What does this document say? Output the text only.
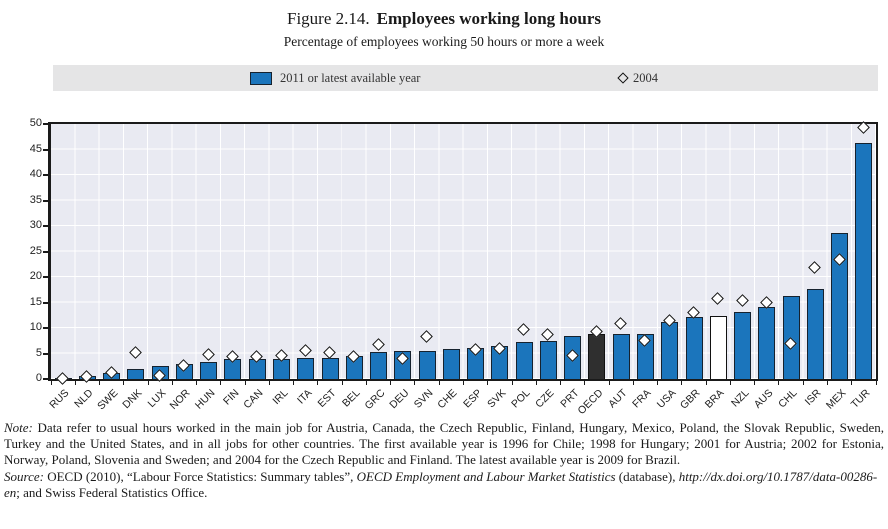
Figure 2.14. Employees working long hours
Percentage of employees working 50 hours or more a week
2011 or latest available year	2004
0
5
10
15
20
25
30
35
40
45
50
RUS NLD
SWE DNK LUX NOR HUN FIN CAN IRL ITA EST BEL GRC DEU SVN CHE ESP SVK POL CZE PRT
OECD AUT FRA USA GBR BRA NZL AUS CHL ISR MEX TUR

Note: Data refer to usual hours worked in the main job for Austria, Canada, the Czech Republic, Finland, Hungary, Mexico, Poland, the Slovak Republic, Sweden, Turkey and the United States, and in all jobs for other countries. The first available year is 1996 for Chile; 1998 for Hungary; 2001 for Austria; 2002 for Estonia, Norway, Poland, Slovenia and Sweden; and 2004 for the Czech Republic and Finland. The latest available year is 2009 for Brazil.

Source: OECD (2010), “Labour Force Statistics: Summary tables”, OECD Employment and Labour Market Statistics (database), http://dx.doi.org/10.1787/data-00286-en; and Swiss Federal Statistics Office.
